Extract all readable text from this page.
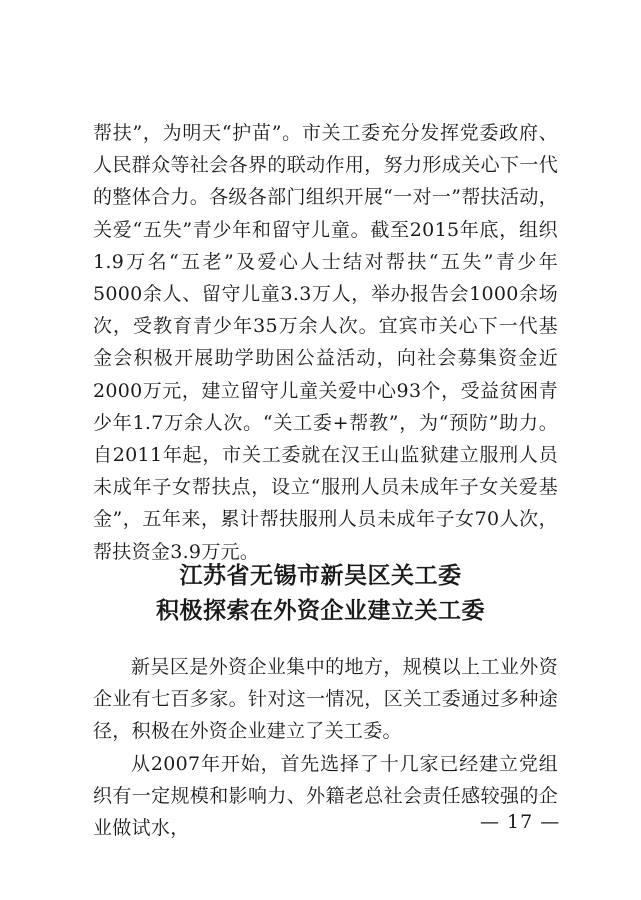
帮扶”，为明天“护苗”。市关工委充分发挥党委政府、人民群众等社会各界的联动作用，努力形成关心下一代的整体合力。各级各部门组织开展“一对一”帮扶活动，关爱“五失”青少年和留守儿童。截至2015年底，组织1.9万名“五老”及爱心人士结对帮扶“五失”青少年5000余人、留守儿童3.3万人，举办报告会1000余场次，受教育青少年35万余人次。宜宾市关心下一代基金会积极开展助学助困公益活动，向社会募集资金近2000万元，建立留守儿童关爱中心93个，受益贫困青少年1.7万余人次。“关工委+帮教”，为“预防”助力。自2011年起，市关工委就在汉王山监狱建立服刑人员未成年子女帮扶点，设立“服刑人员未成年子女关爱基金”，五年来，累计帮扶服刑人员未成年子女70人次，帮扶资金3.9万元。
江苏省无锡市新吴区关工委
积极探索在外资企业建立关工委

新吴区是外资企业集中的地方，规模以上工业外资企业有七百多家。针对这一情况，区关工委通过多种途径，积极在外资企业建立了关工委。

从2007年开始，首先选择了十几家已经建立党组织有一定规模和影响力、外籍老总社会责任感较强的企业做试水，	— 17 —
